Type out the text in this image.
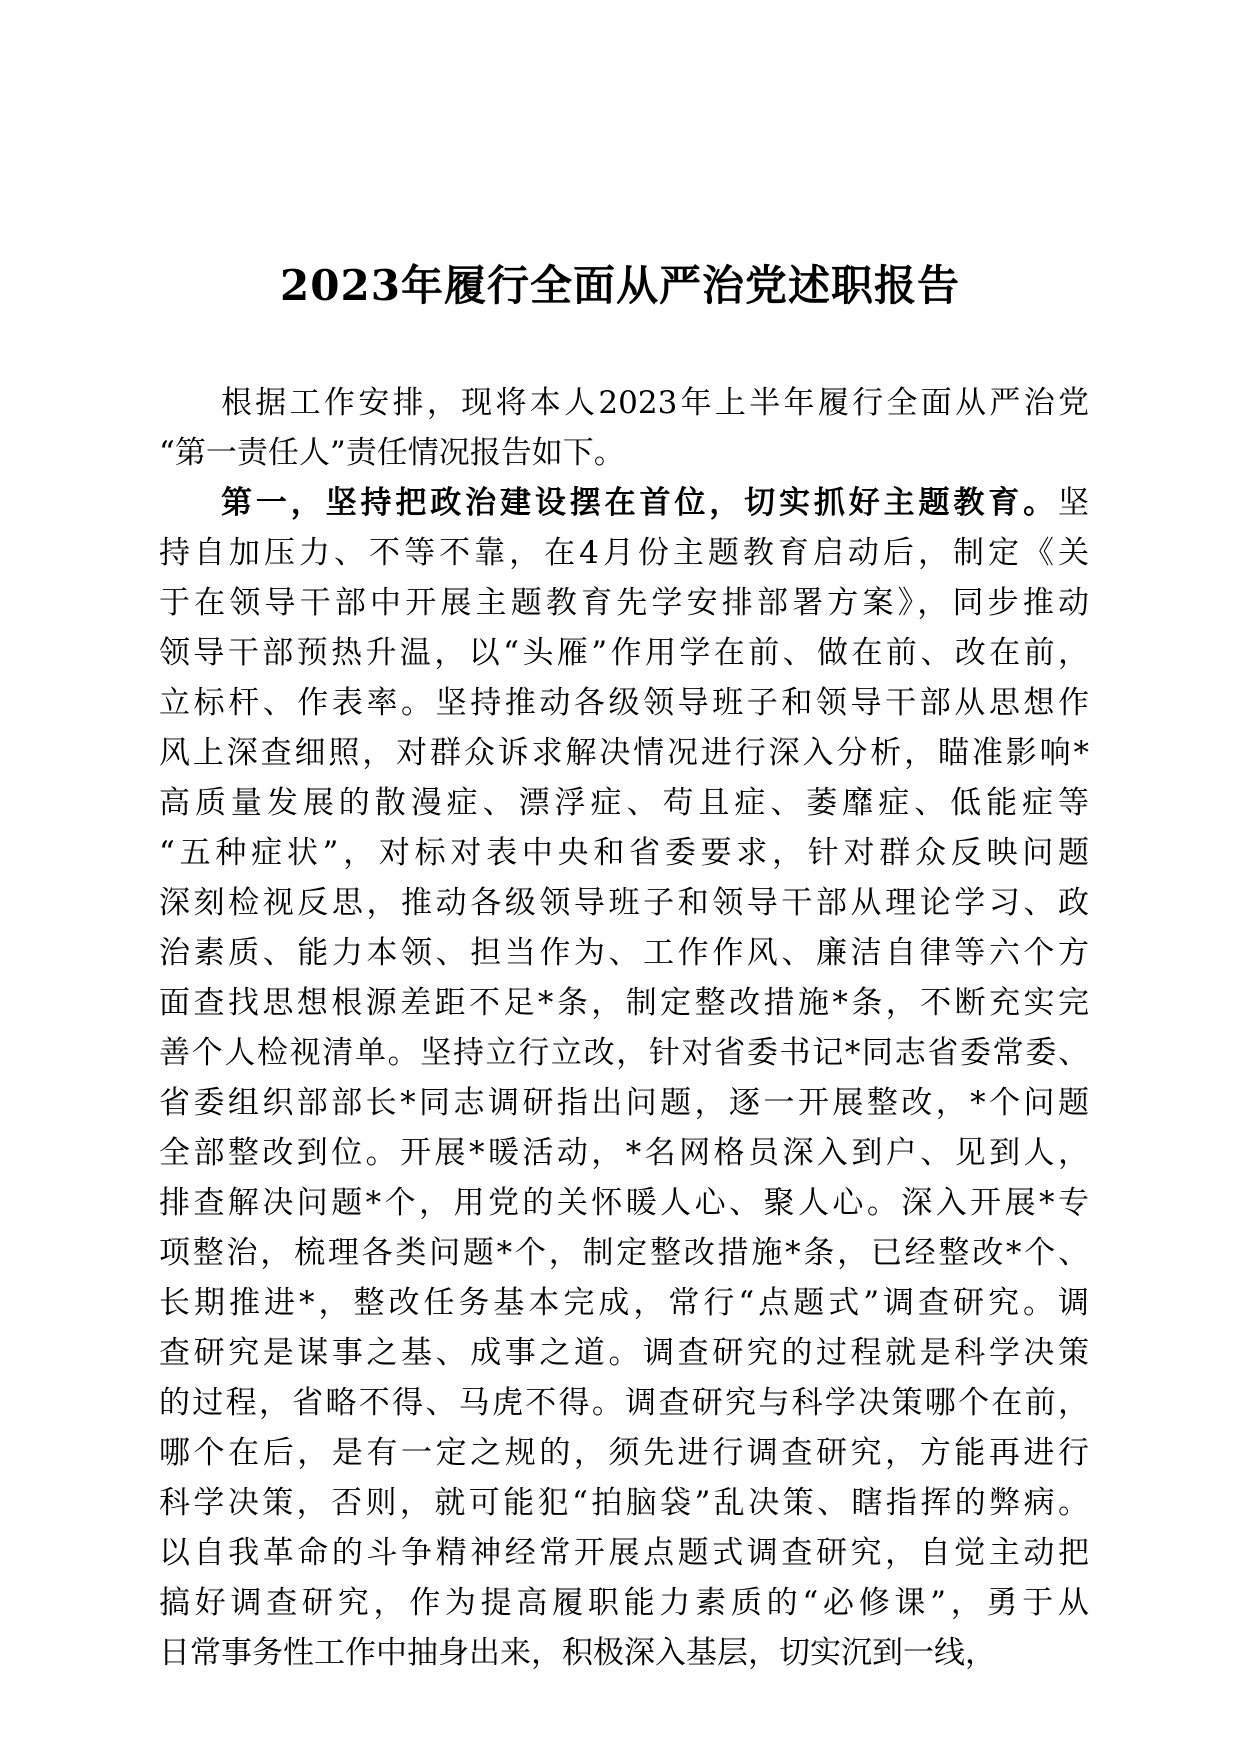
2023年履行全面从严治党述职报告
根据工作安排，现将本人2023年上半年履行全面从严治党
“第一责任人”责任情况报告如下。
第一，坚持把政治建设摆在首位，切实抓好主题教育。坚
持自加压力、不等不靠，在4月份主题教育启动后，制定《关
于在领导干部中开展主题教育先学安排部署方案》，同步推动
领导干部预热升温，以“头雁”作用学在前、做在前、改在前，
立标杆、作表率。坚持推动各级领导班子和领导干部从思想作
风上深查细照，对群众诉求解决情况进行深入分析，瞄准影响*
高质量发展的散漫症、漂浮症、苟且症、萎靡症、低能症等
“五种症状”，对标对表中央和省委要求，针对群众反映问题
深刻检视反思，推动各级领导班子和领导干部从理论学习、政
治素质、能力本领、担当作为、工作作风、廉洁自律等六个方
面查找思想根源差距不足*条，制定整改措施*条，不断充实完
善个人检视清单。坚持立行立改，针对省委书记*同志省委常委、
省委组织部部长*同志调研指出问题，逐一开展整改，*个问题
全部整改到位。开展*暖活动，*名网格员深入到户、见到人，
排查解决问题*个，用党的关怀暖人心、聚人心。深入开展*专
项整治，梳理各类问题*个，制定整改措施*条，已经整改*个、
长期推进*，整改任务基本完成，常行“点题式”调查研究。调
查研究是谋事之基、成事之道。调查研究的过程就是科学决策
的过程，省略不得、马虎不得。调查研究与科学决策哪个在前，
哪个在后，是有一定之规的，须先进行调查研究，方能再进行
科学决策，否则，就可能犯“拍脑袋”乱决策、瞎指挥的弊病。
以自我革命的斗争精神经常开展点题式调查研究，自觉主动把
搞好调查研究，作为提高履职能力素质的“必修课”，勇于从
日常事务性工作中抽身出来，积极深入基层，切实沉到一线，
